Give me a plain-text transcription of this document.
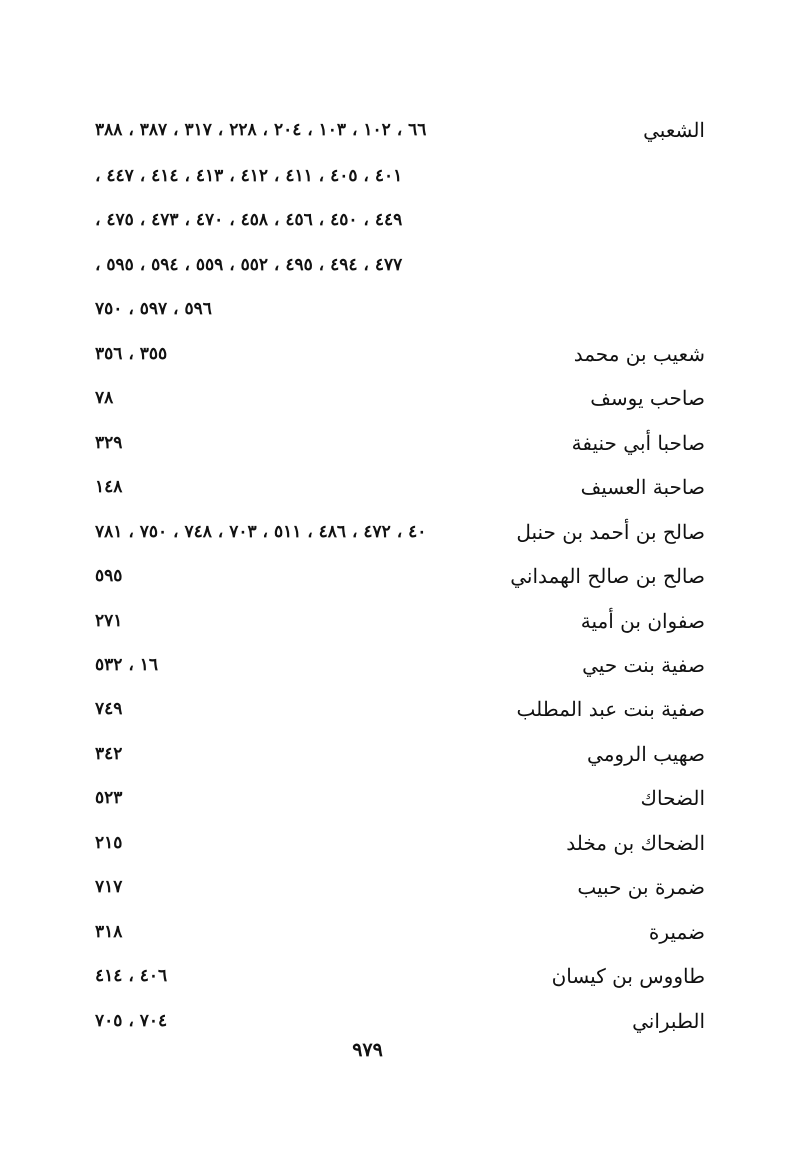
الشعبي
٦٦ ، ١٠٢ ، ١٠٣ ، ٢٠٤ ، ٢٢٨ ، ٣١٧ ، ٣٨٧ ، ٣٨٨
٤٠١ ، ٤٠٥ ، ٤١١ ، ٤١٢ ، ٤١٣ ، ٤١٤ ، ٤٤٧ ،
٤٤٩ ، ٤٥٠ ، ٤٥٦ ، ٤٥٨ ، ٤٧٠ ، ٤٧٣ ، ٤٧٥ ،
٤٧٧ ، ٤٩٤ ، ٤٩٥ ، ٥٥٢ ، ٥٥٩ ، ٥٩٤ ، ٥٩٥ ،
٥٩٦ ، ٥٩٧ ، ٧٥٠
شعيب بن محمد
٣٥٥ ، ٣٥٦
صاحب يوسف
٧٨
صاحبا أبي حنيفة
٣٢٩
صاحبة العسيف
١٤٨
صالح بن أحمد بن حنبل
٤٠ ، ٤٧٢ ، ٤٨٦ ، ٥١١ ، ٧٠٣ ، ٧٤٨ ، ٧٥٠ ، ٧٨١
صالح بن صالح الهمداني
٥٩٥
صفوان بن أمية
٢٧١
صفية بنت حيي
١٦ ، ٥٣٢
صفية بنت عبد المطلب
٧٤٩
صهيب الرومي
٣٤٢
الضحاك
٥٢٣
الضحاك بن مخلد
٢١٥
ضمرة بن حبيب
٧١٧
ضميرة
٣١٨
طاووس بن كيسان
٤٠٦ ، ٤١٤
الطبراني
٧٠٤ ، ٧٠٥
٩٧٩
